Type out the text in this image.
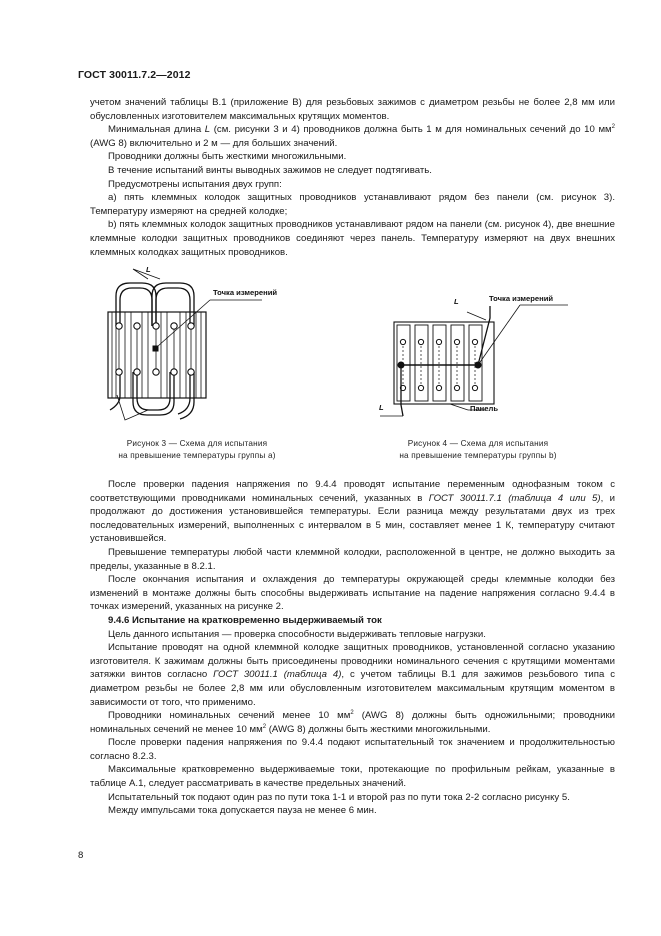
ГОСТ 30011.7.2—2012

учетом значений таблицы В.1 (приложение В) для резьбовых зажимов с диаметром резьбы не более 2,8 мм или обусловленных изготовителем максимальных крутящих моментов.

Минимальная длина L (см. рисунки 3 и 4) проводников должна быть 1 м для номинальных сечений до 10 $мм^2$ (AWG 8) включительно и 2 м — для больших значений.

Проводники должны быть жесткими многожильными.

В течение испытаний винты выводных зажимов не следует подтягивать.

Предусмотрены испытания двух групп:

а) пять клеммных колодок защитных проводников устанавливают рядом без панели (см. рисунок 3). Температуру измеряют на средней колодке;

b) пять клеммных колодок защитных проводников устанавливают рядом на панели (см. рисунок 4), две внешние клеммные колодки защитных проводников соединяют через панель. Температуру измеряют на двух внешних клеммных колодках защитных проводников.

L
Точка измерений
L
L
Точка измерений
Панель
Рисунок 3 — Схема для испытания
на превышение температуры группы а)
Рисунок 4 — Схема для испытания
на превышение температуры группы b)

После проверки падения напряжения по 9.4.4 проводят испытание переменным однофазным током с соответствующими проводниками номинальных сечений, указанных в ГОСТ 30011.7.1 (таблица 4 или 5), и продолжают до достижения установившейся температуры. Если разница между результатами двух из трех последовательных измерений, выполненных с интервалом в 5 мин, составляет менее 1 К, температуру считают установившейся.

Превышение температуры любой части клеммной колодки, расположенной в центре, не должно выходить за пределы, указанные в 8.2.1.

После окончания испытания и охлаждения до температуры окружающей среды клеммные колодки без изменений в монтаже должны быть способны выдерживать испытание на падение напряжения согласно 9.4.4 в точках измерений, указанных на рисунке 2.

9.4.6 Испытание на кратковременно выдерживаемый ток

Цель данного испытания — проверка способности выдерживать тепловые нагрузки.

Испытание проводят на одной клеммной колодке защитных проводников, установленной согласно указанию изготовителя. К зажимам должны быть присоединены проводники номинального сечения с крутящими моментами затяжки винтов согласно ГОСТ 30011.1 (таблица 4), с учетом таблицы В.1 для зажимов резьбового типа с диаметром резьбы не более 2,8 мм или обусловленным изготовителем максимальным крутящим моментом в зависимости от того, что применимо.

Проводники номинальных сечений менее 10 $мм^2$ (AWG 8) должны быть одножильными; проводники номинальных сечений не менее 10 $мм^2$ (AWG 8) должны быть жесткими многожильными.

После проверки падения напряжения по 9.4.4 подают испытательный ток значением и продолжительностью согласно 8.2.3.

Максимальные кратковременно выдерживаемые токи, протекающие по профильным рейкам, указанные в таблице А.1, следует рассматривать в качестве предельных значений.

Испытательный ток подают один раз по пути тока 1-1 и второй раз по пути тока 2-2 согласно рисунку 5.

Между импульсами тока допускается пауза не менее 6 мин.

8
